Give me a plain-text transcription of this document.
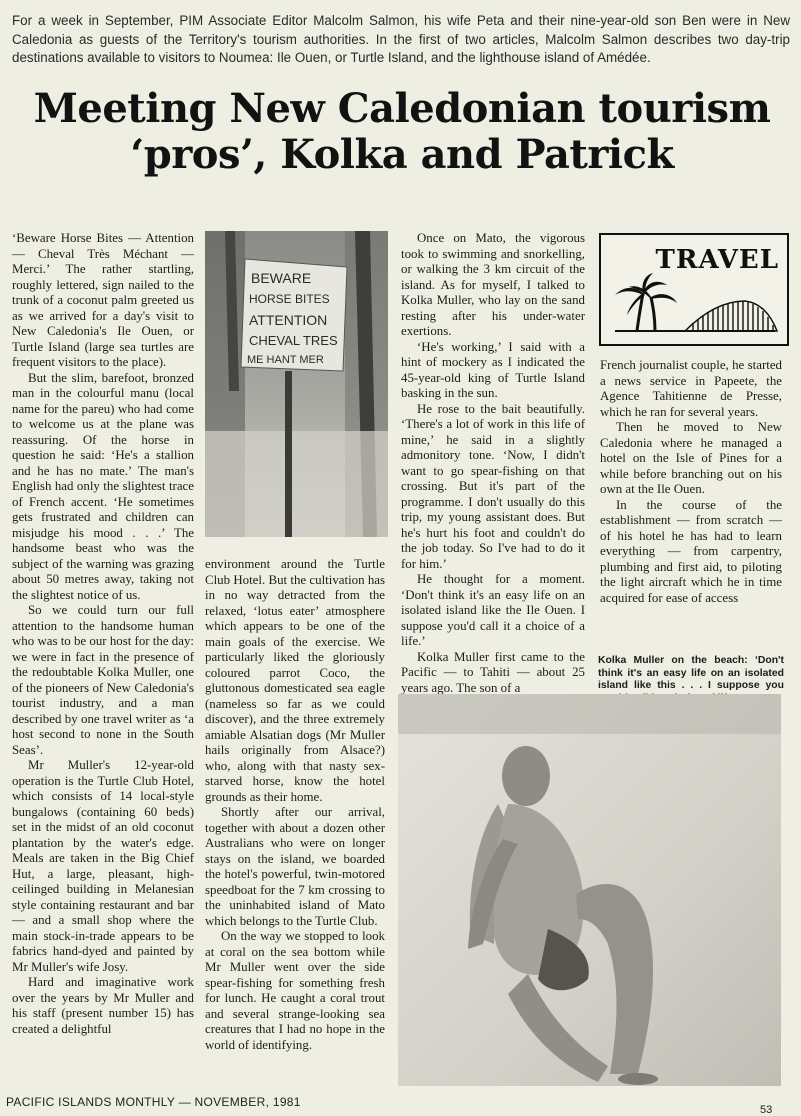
For a week in September, PIM Associate Editor Malcolm Salmon, his wife Peta and their nine-year-old son Ben were in New Caledonia as guests of the Territory's tourism authorities. In the first of two articles, Malcolm Salmon describes two day-trip destinations available to visitors to Noumea: Ile Ouen, or Turtle Island, and the lighthouse island of Amédée.
Meeting New Caledonian tourism
‘pros’, Kolka and Patrick

‘Beware Horse Bites — Attention — Cheval Très Méchant — Merci.’ The rather startling, roughly lettered, sign nailed to the trunk of a coconut palm greeted us as we arrived for a day's visit to New Caledonia's Ile Ouen, or Turtle Island (large sea turtles are frequent visitors to the place).

But the slim, barefoot, bronzed man in the colourful manu (local name for the pareu) who had come to welcome us at the plane was reassuring. Of the horse in question he said: ‘He's a stallion and he has no mate.’ The man's English had only the slightest trace of French accent. ‘He sometimes gets frustrated and children can misjudge his mood . . .’ The handsome beast who was the subject of the warning was grazing about 50 metres away, taking not the slightest notice of us.

So we could turn our full attention to the handsome human who was to be our host for the day: we were in fact in the presence of the redoubtable Kolka Muller, one of the pioneers of New Caledonia's tourist industry, and a man described by one travel writer as ‘a host second to none in the South Seas’.

Mr Muller's 12-year-old operation is the Turtle Club Hotel, which consists of 14 local-style bungalows (containing 60 beds) set in the midst of an old coconut plantation by the water's edge. Meals are taken in the Big Chief Hut, a large, pleasant, high-ceilinged building in Melanesian style containing restaurant and bar — and a small shop where the main stock-in-trade appears to be fabrics hand-dyed and painted by Mr Muller's wife Josy.

Hard and imaginative work over the years by Mr Muller and his staff (present number 15) has created a delightful

BEWARE
HORSE BITES
ATTENTION
CHEVAL TRES
ME HANT MER

environment around the Turtle Club Hotel. But the cultivation has in no way detracted from the relaxed, ‘lotus eater’ atmosphere which appears to be one of the main goals of the exercise. We particularly liked the gloriously coloured parrot Coco, the gluttonous domesticated sea eagle (nameless so far as we could discover), and the three extremely amiable Alsatian dogs (Mr Muller hails originally from Alsace?) who, along with that nasty sex-starved horse, know the hotel grounds as their home.

Shortly after our arrival, together with about a dozen other Australians who were on longer stays on the island, we boarded the hotel's powerful, twin-motored speedboat for the 7 km crossing to the uninhabited island of Mato which belongs to the Turtle Club.

On the way we stopped to look at coral on the sea bottom while Mr Muller went over the side spear-fishing for something fresh for lunch. He caught a coral trout and several strange-looking sea creatures that I had no hope in the world of identifying.

Once on Mato, the vigorous took to swimming and snorkelling, or walking the 3 km circuit of the island. As for myself, I talked to Kolka Muller, who lay on the sand resting after his under-water exertions.

‘He's working,’ I said with a hint of mockery as I indicated the 45-year-old king of Turtle Island basking in the sun.

He rose to the bait beautifully. ‘There's a lot of work in this life of mine,’ he said in a slightly admonitory tone. ‘Now, I didn't want to go spear-fishing on that crossing. But it's part of the programme. I don't usually do this trip, my young assistant does. But he's hurt his foot and couldn't do the job today. So I've had to do it for him.’

He thought for a moment. ‘Don't think it's an easy life on an isolated island like the Ile Ouen. I suppose you'd call it a choice of a life.’

Kolka Muller first came to the Pacific — to Tahiti — about 25 years ago. The son of a

TRAVEL

French journalist couple, he started a news service in Papeete, the Agence Tahitienne de Presse, which he ran for several years.

Then he moved to New Caledonia where he managed a hotel on the Isle of Pines for a while before branching out on his own at the Ile Ouen.

In the course of the establishment — from scratch — of his hotel he has had to learn everything — from carpentry, plumbing and first aid, to piloting the light aircraft which he in time acquired for ease of access

Kolka Muller on the beach: ‘Don't think it's an easy life on an isolated island like this . . . I suppose you
PACIFIC ISLANDS MONTHLY — NOVEMBER, 1981
53
